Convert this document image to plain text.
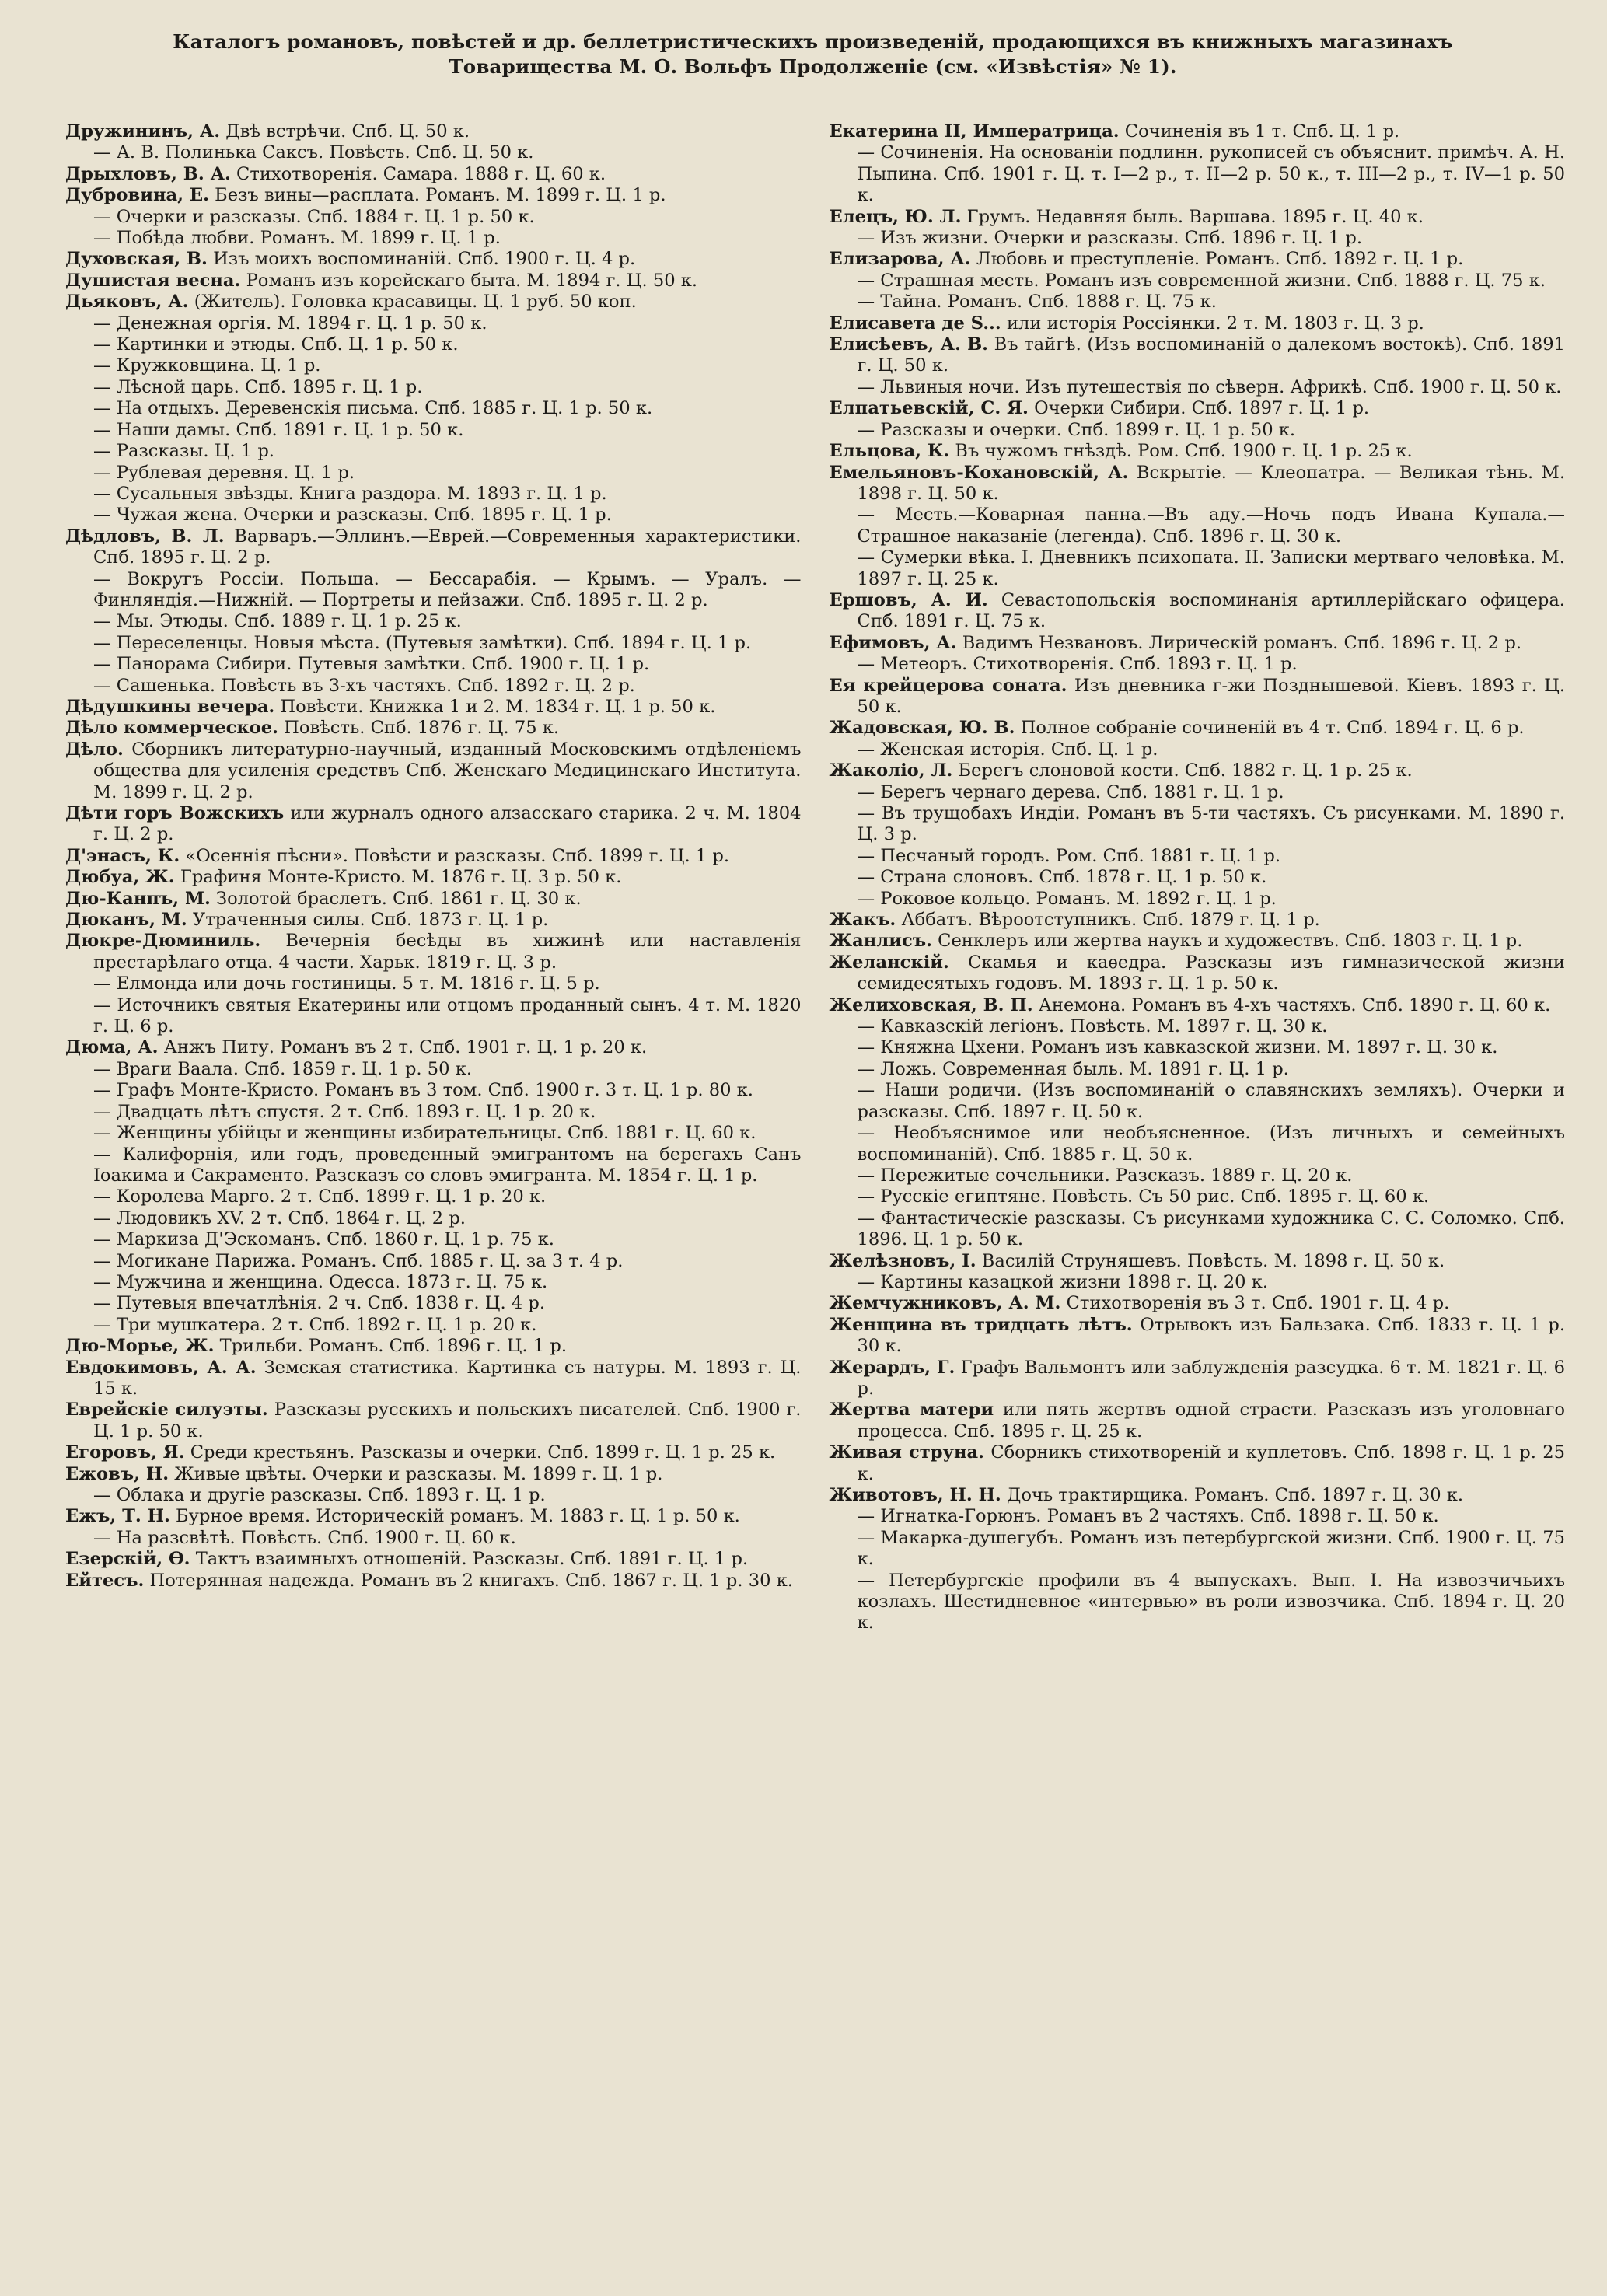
Каталогъ романовъ, повѣстей и др. беллетристическихъ произведеній, продающихся въ книжныхъ магазинахъ
Товарищества М. О. Вольфъ Продолженіе (см. «Извѣстія» № 1).
Дружининъ, А. Двѣ встрѣчи. Спб. Ц. 50 к.
— А. В. Полинька Саксъ. Повѣсть. Спб. Ц. 50 к.
Дрыхловъ, В. А. Стихотворенія. Самара. 1888 г. Ц. 60 к.
Дубровина, Е. Безъ вины—расплата. Романъ. М. 1899 г. Ц. 1 р.
— Очерки и разсказы. Спб. 1884 г. Ц. 1 р. 50 к.
— Побѣда любви. Романъ. М. 1899 г. Ц. 1 р.
Духовская, В. Изъ моихъ воспоминаній. Спб. 1900 г. Ц. 4 р.
Душистая весна. Романъ изъ корейскаго быта. М. 1894 г. Ц. 50 к.
Дьяковъ, А. (Житель). Головка красавицы. Ц. 1 руб. 50 коп.
— Денежная оргія. М. 1894 г. Ц. 1 р. 50 к.
— Картинки и этюды. Спб. Ц. 1 р. 50 к.
— Кружковщина. Ц. 1 р.
— Лѣсной царь. Спб. 1895 г. Ц. 1 р.
— На отдыхъ. Деревенскія письма. Спб. 1885 г. Ц. 1 р. 50 к.
— Наши дамы. Спб. 1891 г. Ц. 1 р. 50 к.
— Разсказы. Ц. 1 р.
— Рублевая деревня. Ц. 1 р.
— Сусальныя звѣзды. Книга раздора. М. 1893 г. Ц. 1 р.
— Чужая жена. Очерки и разсказы. Спб. 1895 г. Ц. 1 р.
Дѣдловъ, В. Л. Варваръ.—Эллинъ.—Еврей.—Современныя характеристики. Спб. 1895 г. Ц. 2 р.
— Вокругъ Россіи. Польша. — Бессарабія. — Крымъ. — Уралъ. — Финляндія.—Нижній. — Портреты и пейзажи. Спб. 1895 г. Ц. 2 р.
— Мы. Этюды. Спб. 1889 г. Ц. 1 р. 25 к.
— Переселенцы. Новыя мѣста. (Путевыя замѣтки). Спб. 1894 г. Ц. 1 р.
— Панорама Сибири. Путевыя замѣтки. Спб. 1900 г. Ц. 1 р.
— Сашенька. Повѣсть въ 3-хъ частяхъ. Спб. 1892 г. Ц. 2 р.
Дѣдушкины вечера. Повѣсти. Книжка 1 и 2. М. 1834 г. Ц. 1 р. 50 к.
Дѣло коммерческое. Повѣсть. Спб. 1876 г. Ц. 75 к.
Дѣло. Сборникъ литературно-научный, изданный Московскимъ отдѣленіемъ общества для усиленія средствъ Спб. Женскаго Медицинскаго Института. М. 1899 г. Ц. 2 р.
Дѣти горъ Вожскихъ или журналъ одного алзасскаго старика. 2 ч. М. 1804 г. Ц. 2 р.
Д'энасъ, К. «Осеннія пѣсни». Повѣсти и разсказы. Спб. 1899 г. Ц. 1 р.
Дюбуа, Ж. Графиня Монте-Кристо. М. 1876 г. Ц. 3 р. 50 к.
Дю-Канпъ, М. Золотой браслетъ. Спб. 1861 г. Ц. 30 к.
Дюканъ, М. Утраченныя силы. Спб. 1873 г. Ц. 1 р.
Дюкре-Дюминиль. Вечернія бесѣды въ хижинѣ или наставленія престарѣлаго отца. 4 части. Харьк. 1819 г. Ц. 3 р.
— Елмонда или дочь гостиницы. 5 т. М. 1816 г. Ц. 5 р.
— Источникъ святыя Екатерины или отцомъ проданный сынъ. 4 т. М. 1820 г. Ц. 6 р.
Дюма, А. Анжъ Питу. Романъ въ 2 т. Спб. 1901 г. Ц. 1 р. 20 к.
— Враги Ваала. Спб. 1859 г. Ц. 1 р. 50 к.
— Графъ Монте-Кристо. Романъ въ 3 том. Спб. 1900 г. 3 т. Ц. 1 р. 80 к.
— Двадцать лѣтъ спустя. 2 т. Спб. 1893 г. Ц. 1 р. 20 к.
— Женщины убійцы и женщины избирательницы. Спб. 1881 г. Ц. 60 к.
— Калифорнія, или годъ, проведенный эмигрантомъ на берегахъ Санъ Іоакима и Сакраменто. Разсказъ со словъ эмигранта. М. 1854 г. Ц. 1 р.
— Королева Марго. 2 т. Спб. 1899 г. Ц. 1 р. 20 к.
— Людовикъ XV. 2 т. Спб. 1864 г. Ц. 2 р.
— Маркиза Д'Эскоманъ. Спб. 1860 г. Ц. 1 р. 75 к.
— Могикане Парижа. Романъ. Спб. 1885 г. Ц. за 3 т. 4 р.
— Мужчина и женщина. Одесса. 1873 г. Ц. 75 к.
— Путевыя впечатлѣнія. 2 ч. Спб. 1838 г. Ц. 4 р.
— Три мушкатера. 2 т. Спб. 1892 г. Ц. 1 р. 20 к.
Дю-Морье, Ж. Трильби. Романъ. Спб. 1896 г. Ц. 1 р.
Евдокимовъ, А. А. Земская статистика. Картинка съ натуры. М. 1893 г. Ц. 15 к.
Еврейскіе силуэты. Разсказы русскихъ и польскихъ писателей. Спб. 1900 г. Ц. 1 р. 50 к.
Егоровъ, Я. Среди крестьянъ. Разсказы и очерки. Спб. 1899 г. Ц. 1 р. 25 к.
Ежовъ, Н. Живые цвѣты. Очерки и разсказы. М. 1899 г. Ц. 1 р.
— Облака и другіе разсказы. Спб. 1893 г. Ц. 1 р.
Ежъ, Т. Н. Бурное время. Историческій романъ. М. 1883 г. Ц. 1 р. 50 к.
— На разсвѣтѣ. Повѣсть. Спб. 1900 г. Ц. 60 к.
Езерскій, Ѳ. Тактъ взаимныхъ отношеній. Разсказы. Спб. 1891 г. Ц. 1 р.
Ейтесъ. Потерянная надежда. Романъ въ 2 книгахъ. Спб. 1867 г. Ц. 1 р. 30 к.
Екатерина II, Императрица. Сочиненія въ 1 т. Спб. Ц. 1 р.
— Сочиненія. На основаніи подлинн. рукописей съ объяснит. примѣч. А. Н. Пыпина. Спб. 1901 г. Ц. т. I—2 р., т. II—2 р. 50 к., т. III—2 р., т. IV—1 р. 50 к.
Елецъ, Ю. Л. Грумъ. Недавняя быль. Варшава. 1895 г. Ц. 40 к.
— Изъ жизни. Очерки и разсказы. Спб. 1896 г. Ц. 1 р.
Елизарова, А. Любовь и преступленіе. Романъ. Спб. 1892 г. Ц. 1 р.
— Страшная месть. Романъ изъ современной жизни. Спб. 1888 г. Ц. 75 к.
— Тайна. Романъ. Спб. 1888 г. Ц. 75 к.
Елисавета де S... или исторія Россіянки. 2 т. М. 1803 г. Ц. 3 р.
Елисѣевъ, А. В. Въ тайгѣ. (Изъ воспоминаній о далекомъ востокѣ). Спб. 1891 г. Ц. 50 к.
— Львиныя ночи. Изъ путешествія по сѣверн. Африкѣ. Спб. 1900 г. Ц. 50 к.
Елпатьевскій, С. Я. Очерки Сибири. Спб. 1897 г. Ц. 1 р.
— Разсказы и очерки. Спб. 1899 г. Ц. 1 р. 50 к.
Ельцова, К. Въ чужомъ гнѣздѣ. Ром. Спб. 1900 г. Ц. 1 р. 25 к.
Емельяновъ-Кохановскій, А. Вскрытіе. — Клеопатра. — Великая тѣнь. М. 1898 г. Ц. 50 к.
— Месть.—Коварная панна.—Въ аду.—Ночь подъ Ивана Купала.—Страшное наказаніе (легенда). Спб. 1896 г. Ц. 30 к.
— Сумерки вѣка. I. Дневникъ психопата. II. Записки мертваго человѣка. М. 1897 г. Ц. 25 к.
Ершовъ, А. И. Севастопольскія воспоминанія артиллерійскаго офицера. Спб. 1891 г. Ц. 75 к.
Ефимовъ, А. Вадимъ Незвановъ. Лирическій романъ. Спб. 1896 г. Ц. 2 р.
— Метеоръ. Стихотворенія. Спб. 1893 г. Ц. 1 р.
Ея крейцерова соната. Изъ дневника г-жи Позднышевой. Кіевъ. 1893 г. Ц. 50 к.
Жадовская, Ю. В. Полное собраніе сочиненій въ 4 т. Спб. 1894 г. Ц. 6 р.
— Женская исторія. Спб. Ц. 1 р.
Жаколіо, Л. Берегъ слоновой кости. Спб. 1882 г. Ц. 1 р. 25 к.
— Берегъ чернаго дерева. Спб. 1881 г. Ц. 1 р.
— Въ трущобахъ Индіи. Романъ въ 5-ти частяхъ. Съ рисунками. М. 1890 г. Ц. 3 р.
— Песчаный городъ. Ром. Спб. 1881 г. Ц. 1 р.
— Страна слоновъ. Спб. 1878 г. Ц. 1 р. 50 к.
— Роковое кольцо. Романъ. М. 1892 г. Ц. 1 р.
Жакъ. Аббатъ. Вѣроотступникъ. Спб. 1879 г. Ц. 1 р.
Жанлисъ. Сенклеръ или жертва наукъ и художествъ. Спб. 1803 г. Ц. 1 р.
Желанскій. Скамья и каѳедра. Разсказы изъ гимназической жизни семидесятыхъ годовъ. М. 1893 г. Ц. 1 р. 50 к.
Желиховская, В. П. Анемона. Романъ въ 4-хъ частяхъ. Спб. 1890 г. Ц. 60 к.
— Кавказскій легіонъ. Повѣсть. М. 1897 г. Ц. 30 к.
— Княжна Цхени. Романъ изъ кавказской жизни. М. 1897 г. Ц. 30 к.
— Ложь. Современная быль. М. 1891 г. Ц. 1 р.
— Наши родичи. (Изъ воспоминаній о славянскихъ земляхъ). Очерки и разсказы. Спб. 1897 г. Ц. 50 к.
— Необъяснимое или необъясненное. (Изъ личныхъ и семейныхъ воспоминаній). Спб. 1885 г. Ц. 50 к.
— Пережитые сочельники. Разсказъ. 1889 г. Ц. 20 к.
— Русскіе египтяне. Повѣсть. Съ 50 рис. Спб. 1895 г. Ц. 60 к.
— Фантастическіе разсказы. Съ рисунками художника С. С. Соломко. Спб. 1896. Ц. 1 р. 50 к.
Желѣзновъ, I. Василій Струняшевъ. Повѣсть. М. 1898 г. Ц. 50 к.
— Картины казацкой жизни 1898 г. Ц. 20 к.
Жемчужниковъ, А. М. Стихотворенія въ 3 т. Спб. 1901 г. Ц. 4 р.
Женщина въ тридцать лѣтъ. Отрывокъ изъ Бальзака. Спб. 1833 г. Ц. 1 р. 30 к.
Жерардъ, Г. Графъ Вальмонтъ или заблужденія разсудка. 6 т. М. 1821 г. Ц. 6 р.
Жертва матери или пять жертвъ одной страсти. Разсказъ изъ уголовнаго процесса. Спб. 1895 г. Ц. 25 к.
Живая струна. Сборникъ стихотвореній и куплетовъ. Спб. 1898 г. Ц. 1 р. 25 к.
Животовъ, Н. Н. Дочь трактирщика. Романъ. Спб. 1897 г. Ц. 30 к.
— Игнатка-Горюнъ. Романъ въ 2 частяхъ. Спб. 1898 г. Ц. 50 к.
— Макарка-душегубъ. Романъ изъ петербургской жизни. Спб. 1900 г. Ц. 75 к.
— Петербургскіе профили въ 4 выпускахъ. Вып. I. На извозчичьихъ козлахъ. Шестидневное «интервью» въ роли извозчика. Спб. 1894 г. Ц. 20 к.
